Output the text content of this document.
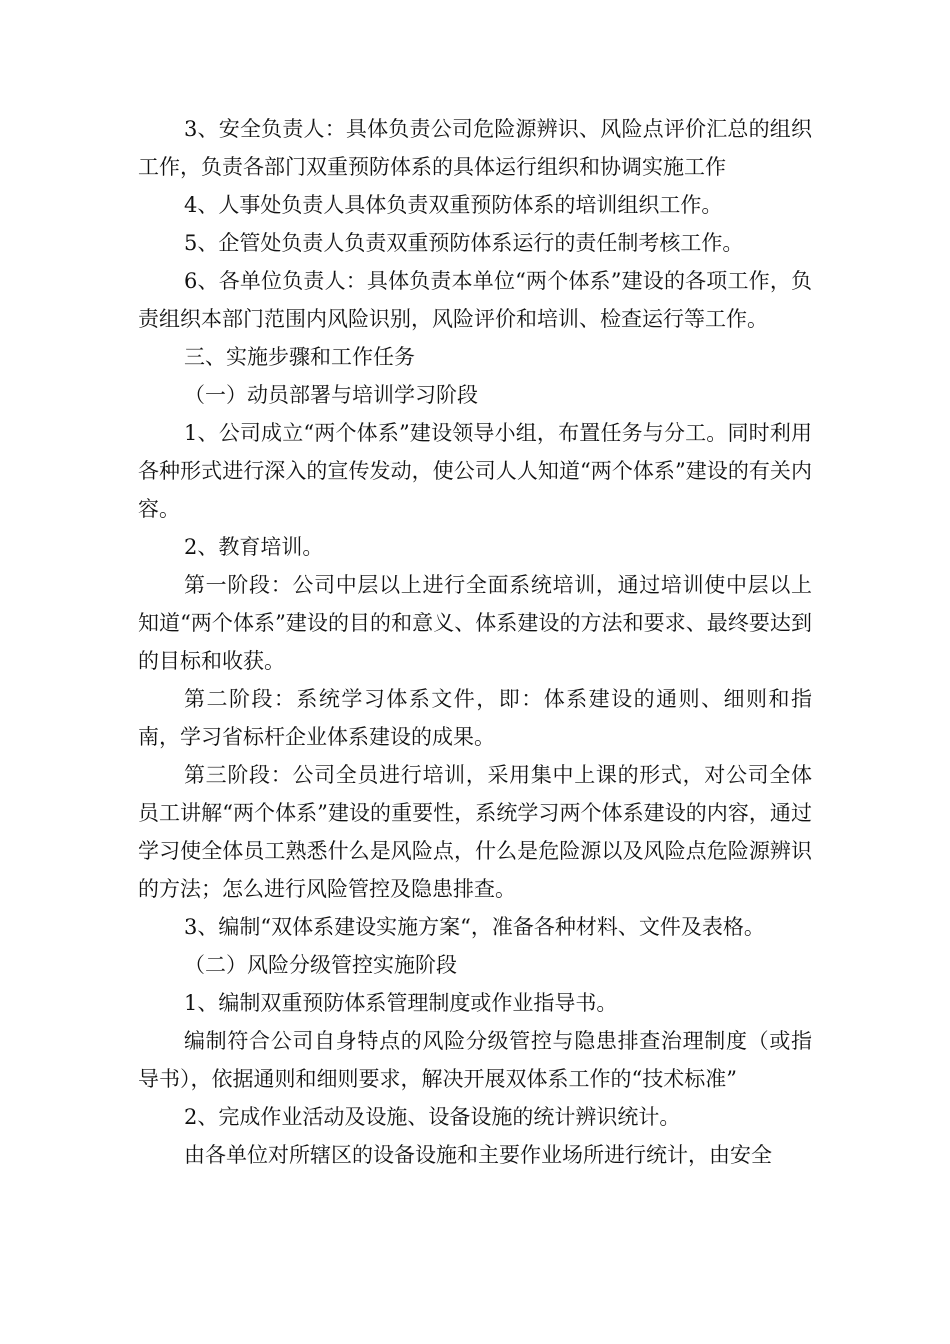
3、安全负责人：具体负责公司危险源辨识、风险点评价汇总的组织工作，负责各部门双重预防体系的具体运行组织和协调实施工作

4、人事处负责人具体负责双重预防体系的培训组织工作。

5、企管处负责人负责双重预防体系运行的责任制考核工作。

6、各单位负责人：具体负责本单位“两个体系”建设的各项工作，负责组织本部门范围内风险识别，风险评价和培训、检查运行等工作。

三、实施步骤和工作任务

（一）动员部署与培训学习阶段

1、公司成立“两个体系”建设领导小组，布置任务与分工。同时利用各种形式进行深入的宣传发动，使公司人人知道“两个体系”建设的有关内容。

2、教育培训。

第一阶段：公司中层以上进行全面系统培训，通过培训使中层以上知道“两个体系”建设的目的和意义、体系建设的方法和要求、最终要达到的目标和收获。

第二阶段：系统学习体系文件，即：体系建设的通则、细则和指南，学习省标杆企业体系建设的成果。

第三阶段：公司全员进行培训，采用集中上课的形式，对公司全体员工讲解“两个体系”建设的重要性，系统学习两个体系建设的内容，通过学习使全体员工熟悉什么是风险点，什么是危险源以及风险点危险源辨识的方法；怎么进行风险管控及隐患排查。

3、编制“双体系建设实施方案“，准备各种材料、文件及表格。

（二）风险分级管控实施阶段

1、编制双重预防体系管理制度或作业指导书。

编制符合公司自身特点的风险分级管控与隐患排查治理制度（或指导书），依据通则和细则要求，解决开展双体系工作的“技术标准”

2、完成作业活动及设施、设备设施的统计辨识统计。

由各单位对所辖区的设备设施和主要作业场所进行统计，由安全
